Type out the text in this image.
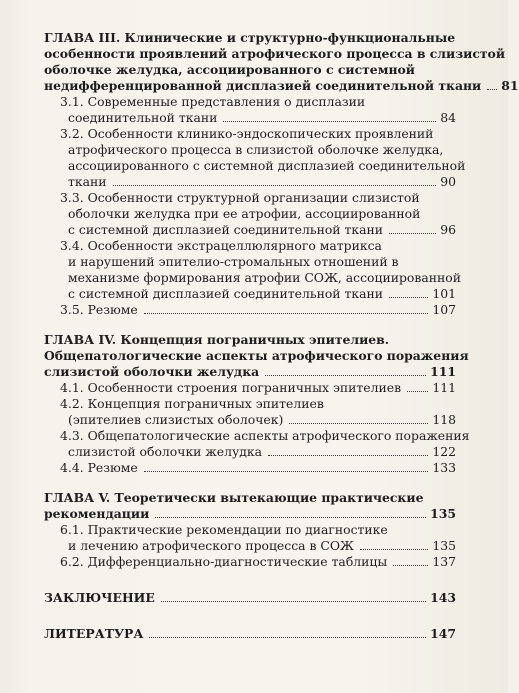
ГЛАВА III. Клинические и структурно-функциональные
особенности проявлений атрофического процесса в слизистой
оболочке желудка, ассоциированного с системной
недифференцированной дисплазией соединительной ткани 81
3.1. Современные представления о дисплазии
соединительной ткани	84
3.2. Особенности клинико-эндоскопических проявлений
атрофического процесса в слизистой оболочке желудка,
ассоциированного с системной дисплазией соединительной
ткани	90
3.3. Особенности структурной организации слизистой
оболочки желудка при ее атрофии, ассоциированной
с системной дисплазией соединительной ткани	96
3.4. Особенности экстрацеллюлярного матрикса
и нарушений эпителио-стромальных отношений в
механизме формирования атрофии СОЖ, ассоциированной
с системной дисплазией соединительной ткани	101
3.5. Резюме	107
ГЛАВА IV. Концепция пограничных эпителиев.
Общепатологические аспекты атрофического поражения
слизистой оболочки желудка	111
4.1. Особенности строения пограничных эпителиев	111
4.2. Концепция пограничных эпителиев
(эпителиев слизистых оболочек)	118
4.3. Общепатологические аспекты атрофического поражения
слизистой оболочки желудка	122
4.4. Резюме	133
ГЛАВА V. Теоретически вытекающие практические
рекомендации	135
6.1. Практические рекомендации по диагностике
и лечению атрофического процесса в СОЖ	135
6.2. Дифференциально-диагностические таблицы	137
ЗАКЛЮЧЕНИЕ	143
ЛИТЕРАТУРА	147
